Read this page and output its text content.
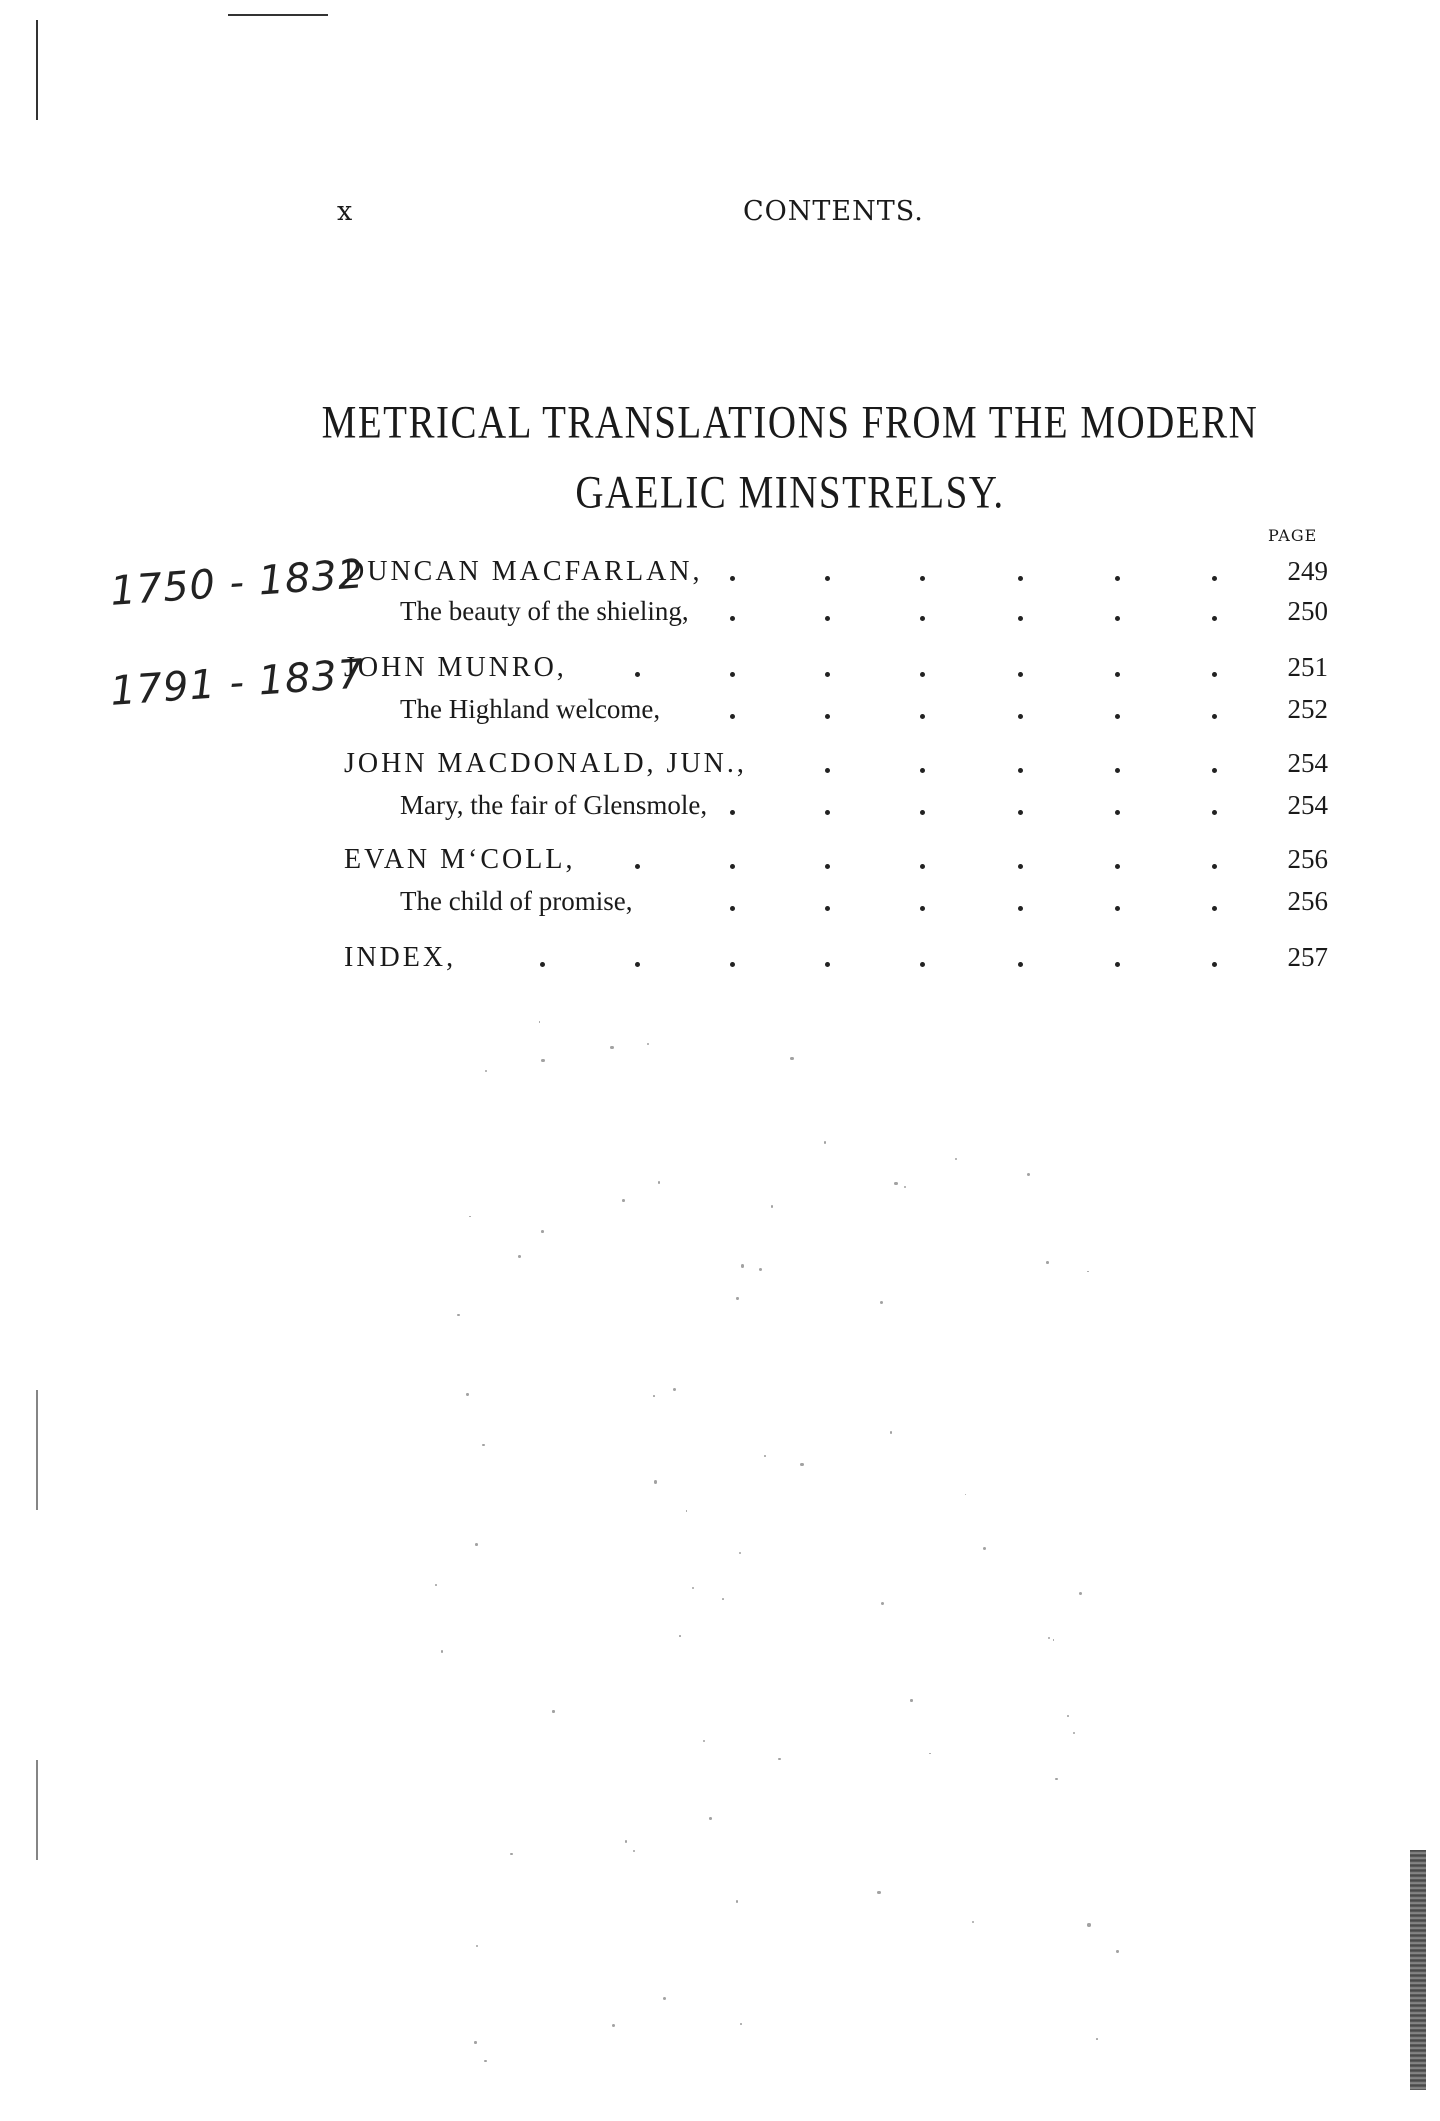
x	CONTENTS.
METRICAL TRANSLATIONS FROM THE MODERN
GAELIC MINSTRELSY.
PAGE
1750 - 1832
1791 - 1837
DUNCAN MACFARLAN,	249
The beauty of the shieling,	250
JOHN MUNRO,	251
The Highland welcome,	252
JOHN MACDONALD, JUN.,	254
Mary, the fair of Glensmole,	254
EVAN M‘COLL,	256
The child of promise,	256
INDEX,	257
